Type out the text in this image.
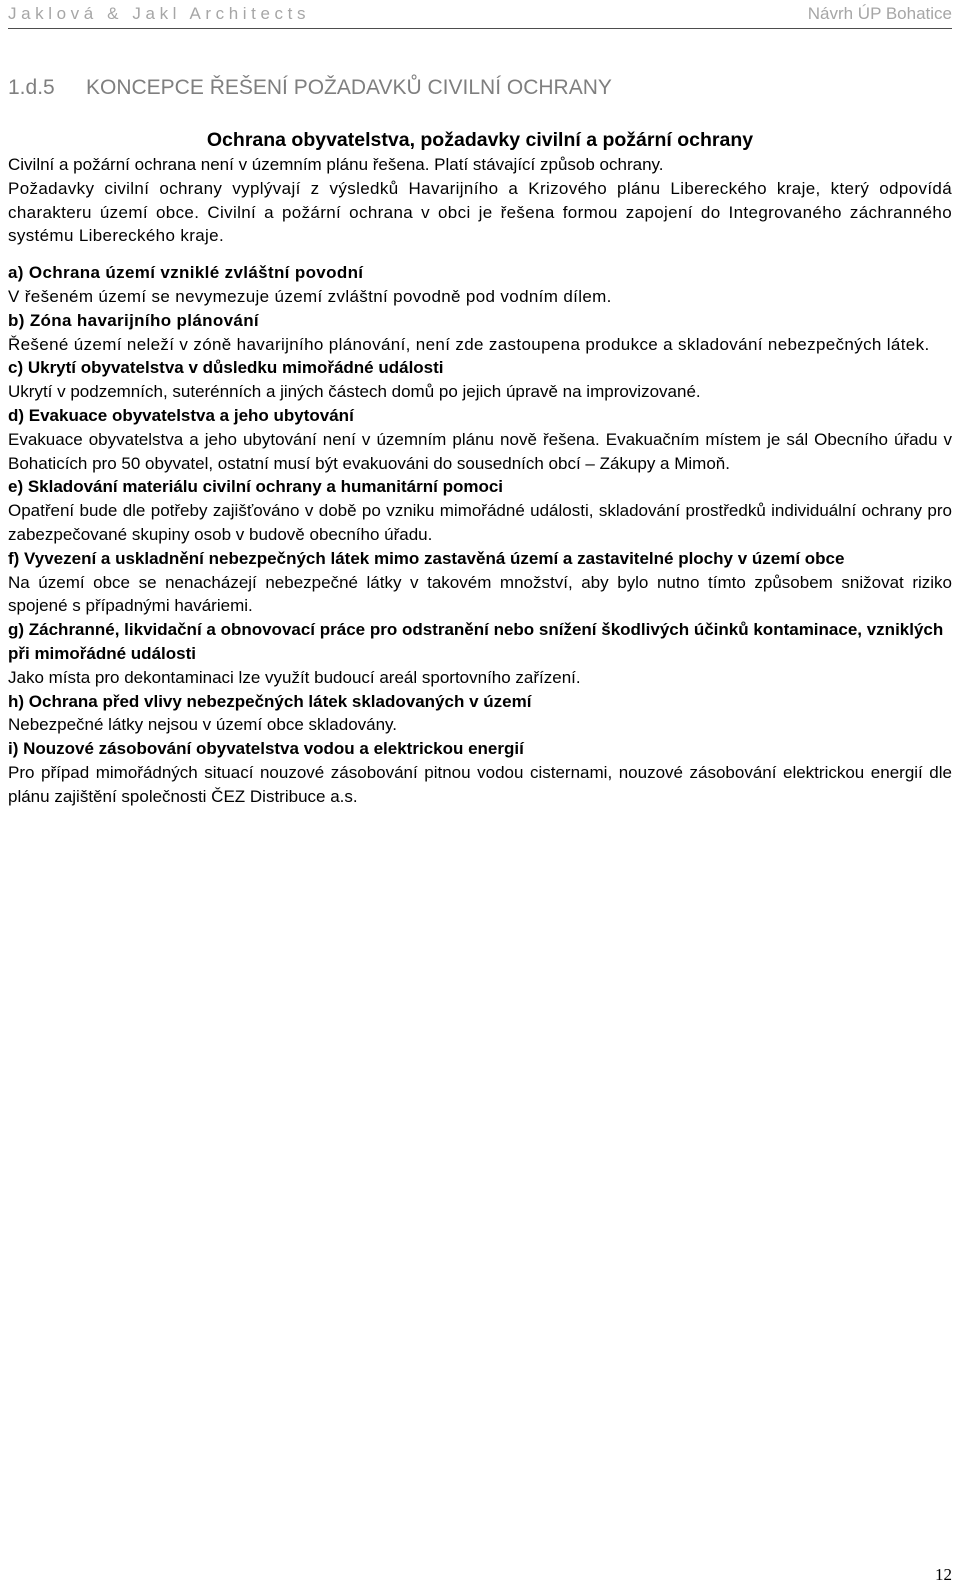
Jaklová & Jakl Architects	Návrh ÚP Bohatice
1.d.5 KONCEPCE ŘEŠENÍ POŽADAVKŮ CIVILNÍ OCHRANY

Ochrana obyvatelstva, požadavky civilní a požární ochrany

Civilní a požární ochrana není v územním plánu řešena. Platí stávající způsob ochrany.

Požadavky civilní ochrany vyplývají z výsledků Havarijního a Krizového plánu Libereckého kraje, který odpovídá charakteru území obce. Civilní a požární ochrana v obci je řešena formou zapojení do Integrovaného záchranného systému Libereckého kraje.

a) Ochrana území vzniklé zvláštní povodní

V řešeném území se nevymezuje území zvláštní povodně pod vodním dílem.

b) Zóna havarijního plánování

Řešené území neleží v zóně havarijního plánování, není zde zastoupena produkce a skladování nebezpečných látek.

c) Ukrytí obyvatelstva v důsledku mimořádné události

Ukrytí v podzemních, suterénních a jiných částech domů po jejich úpravě na improvizované.

d) Evakuace obyvatelstva a jeho ubytování

Evakuace obyvatelstva a jeho ubytování není v územním plánu nově řešena. Evakuačním místem je sál Obecního úřadu v Bohaticích pro 50 obyvatel, ostatní musí být evakuováni do sousedních obcí – Zákupy a Mimoň.

e) Skladování materiálu civilní ochrany a humanitární pomoci

Opatření bude dle potřeby zajišťováno v době po vzniku mimořádné události, skladování prostředků individuální ochrany pro zabezpečované skupiny osob v budově obecního úřadu.

f) Vyvezení a uskladnění nebezpečných látek mimo zastavěná území a zastavitelné plochy v území obce

Na území obce se nenacházejí nebezpečné látky v takovém množství, aby bylo nutno tímto způsobem snižovat riziko spojené s případnými haváriemi.

g) Záchranné, likvidační a obnovovací práce pro odstranění nebo snížení škodlivých účinků kontaminace, vzniklých při mimořádné události

Jako místa pro dekontaminaci lze využít budoucí areál sportovního zařízení.

h) Ochrana před vlivy nebezpečných látek skladovaných v území

Nebezpečné látky nejsou v území obce skladovány.

i) Nouzové zásobování obyvatelstva vodou a elektrickou energií

Pro případ mimořádných situací nouzové zásobování pitnou vodou cisternami, nouzové zásobování elektrickou energií dle plánu zajištění společnosti ČEZ Distribuce a.s.

12
